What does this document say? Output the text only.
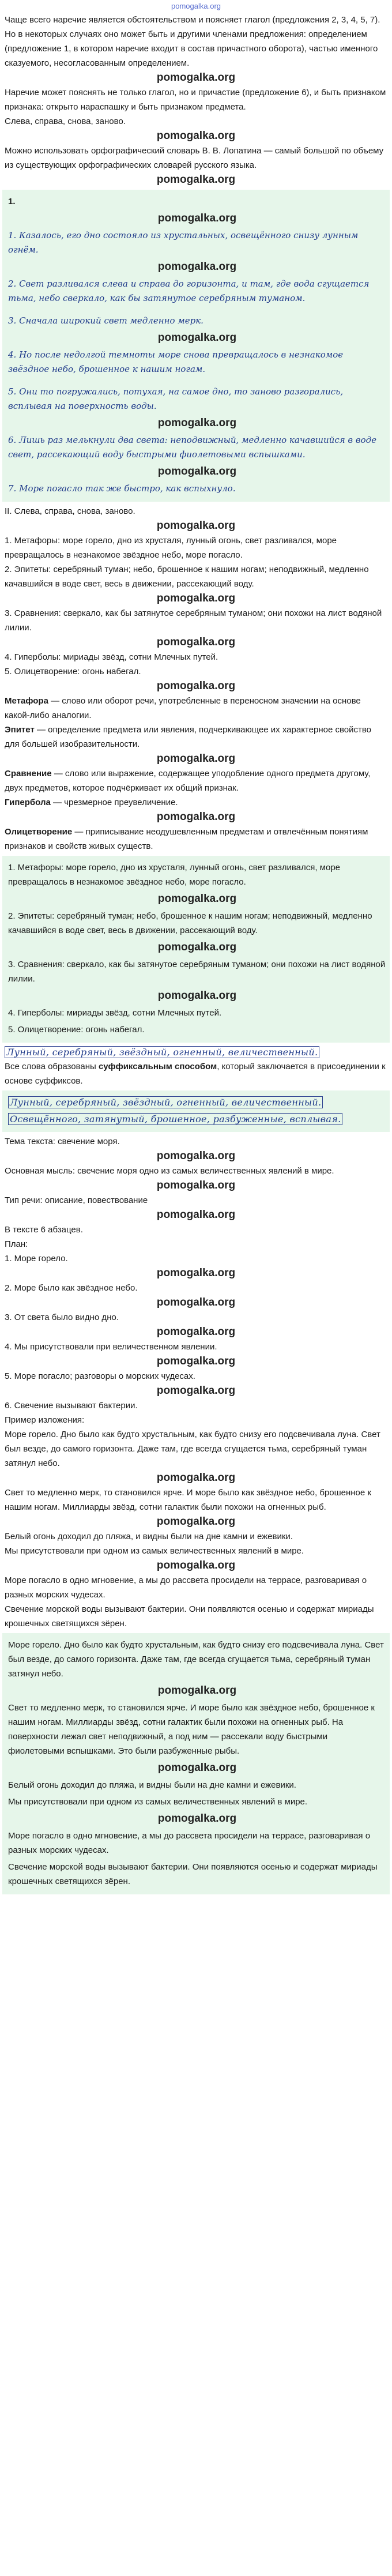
pomogalka.org

Чаще всего наречие является обстоятельством и поясняет глагол (предложения 2, 3, 4, 5, 7).

Но в некоторых случаях оно может быть и другими членами предложения: определением (предложение 1, в котором наречие входит в состав причастного оборота), частью именного сказуемого, несогласованным определением.

pomogalka.org

Наречие может пояснять не только глагол, но и причастие (предложение 6), и быть признаком признака: открыто нараспашку и быть признаком предмета.

Слева, справа, снова, заново.

pomogalka.org

Можно использовать орфографический словарь В. В. Лопатина — самый большой по объему из существующих орфографических словарей русского языка.

pomogalka.org

1.

pomogalka.org

1. Казалось, его дно состояло из хрустальных, освещённого снизу лунным огнём.

pomogalka.org

2. Свет разливался слева и справа до горизонта, и там, где вода сгущается тьма, небо сверкало, как бы затянутое серебряным туманом.

3. Сначала широкий свет медленно мерк.

pomogalka.org

4. Но после недолгой темноты море снова превращалось в незнакомое звёздное небо, брошенное к нашим ногам.

5. Они то погружались, потухая, на самое дно, то заново разгорались, всплывая на поверхность воды.

pomogalka.org

6. Лишь раз мелькнули два света: неподвижный, медленно качавшийся в воде свет, рассекающий воду быстрыми фиолетовыми вспышками.

pomogalka.org

7. Море погасло так же быстро, как вспыхнуло.

II. Слева, справа, снова, заново.

pomogalka.org

1. Метафоры: море горело, дно из хрусталя, лунный огонь, свет разливался, море превращалось в незнакомое звёздное небо, море погасло.

2. Эпитеты: серебряный туман; небо, брошенное к нашим ногам; неподвижный, медленно качавшийся в воде свет, весь в движении, рассекающий воду.

pomogalka.org

3. Сравнения: сверкало, как бы затянутое серебряным туманом; они похожи на лист водяной лилии.

pomogalka.org

4. Гиперболы: мириады звёзд, сотни Млечных путей.

5. Олицетворение: огонь набегал.

pomogalka.org

Метафора — слово или оборот речи, употребленные в переносном значении на основе какой-либо аналогии.

Эпитет — определение предмета или явления, подчеркивающее их характерное свойство для большей изобразительности.

pomogalka.org

Сравнение — слово или выражение, содержащее уподобление одного предмета другому, двух предметов, которое подчёркивает их общий признак.

Гипербола — чрезмерное преувеличение.

pomogalka.org

Олицетворение — приписывание неодушевленным предметам и отвлечённым понятиям признаков и свойств живых существ.

1. Метафоры: море горело, дно из хрусталя, лунный огонь, свет разливался, море превращалось в незнакомое звёздное небо, море погасло.

pomogalka.org

2. Эпитеты: серебряный туман; небо, брошенное к нашим ногам; неподвижный, медленно качавшийся в воде свет, весь в движении, рассекающий воду.

pomogalka.org

3. Сравнения: сверкало, как бы затянутое серебряным туманом; они похожи на лист водяной лилии.

pomogalka.org

4. Гиперболы: мириады звёзд, сотни Млечных путей.

5. Олицетворение: огонь набегал.

Лунный, серебряный, звёздный, огненный, величественный.

Все слова образованы суффиксальным способом, который заключается в присоединении к основе суффиксов.

Лунный, серебряный, звёздный, огненный, величественный.

Освещённого, затянутый, брошенное, разбуженные, всплывая.

Тема текста: свечение моря.

pomogalka.org

Основная мысль: свечение моря одно из самых величественных явлений в мире.

pomogalka.org

Тип речи: описание, повествование

pomogalka.org

В тексте 6 абзацев.

План:

1. Море горело.

pomogalka.org

2. Море было как звёздное небо.

pomogalka.org

3. От света было видно дно.

pomogalka.org

4. Мы присутствовали при величественном явлении.

pomogalka.org

5. Море погасло; разговоры о морских чудесах.

pomogalka.org

6. Свечение вызывают бактерии.

Пример изложения:

Море горело. Дно было как будто хрустальным, как будто снизу его подсвечивала луна. Свет был везде, до самого горизонта. Даже там, где всегда сгущается тьма, серебряный туман затянул небо.

pomogalka.org

Свет то медленно мерк, то становился ярче. И море было как звёздное небо, брошенное к нашим ногам. Миллиарды звёзд, сотни галактик были похожи на огненных рыб.

pomogalka.org

Белый огонь доходил до пляжа, и видны были на дне камни и ежевики.

Мы присутствовали при одном из самых величественных явлений в мире.

pomogalka.org

Море погасло в одно мгновение, а мы до рассвета просидели на террасе, разговаривая о разных морских чудесах.

Свечение морской воды вызывают бактерии. Они появляются осенью и содержат мириады крошечных светящихся зёрен.

Море горело. Дно было как будто хрустальным, как будто снизу его подсвечивала луна. Свет был везде, до самого горизонта. Даже там, где всегда сгущается тьма, серебряный туман затянул небо.

pomogalka.org

Свет то медленно мерк, то становился ярче. И море было как звёздное небо, брошенное к нашим ногам. Миллиарды звёзд, сотни галактик были похожи на огненных рыб. На поверхности лежал свет неподвижный, а под ним — рассекали воду быстрыми фиолетовыми вспышками. Это были разбуженные рыбы.

pomogalka.org

Белый огонь доходил до пляжа, и видны были на дне камни и ежевики.

Мы присутствовали при одном из самых величественных явлений в мире.

pomogalka.org

Море погасло в одно мгновение, а мы до рассвета просидели на террасе, разговаривая о разных морских чудесах.

Свечение морской воды вызывают бактерии. Они появляются осенью и содержат мириады крошечных светящихся зёрен.
